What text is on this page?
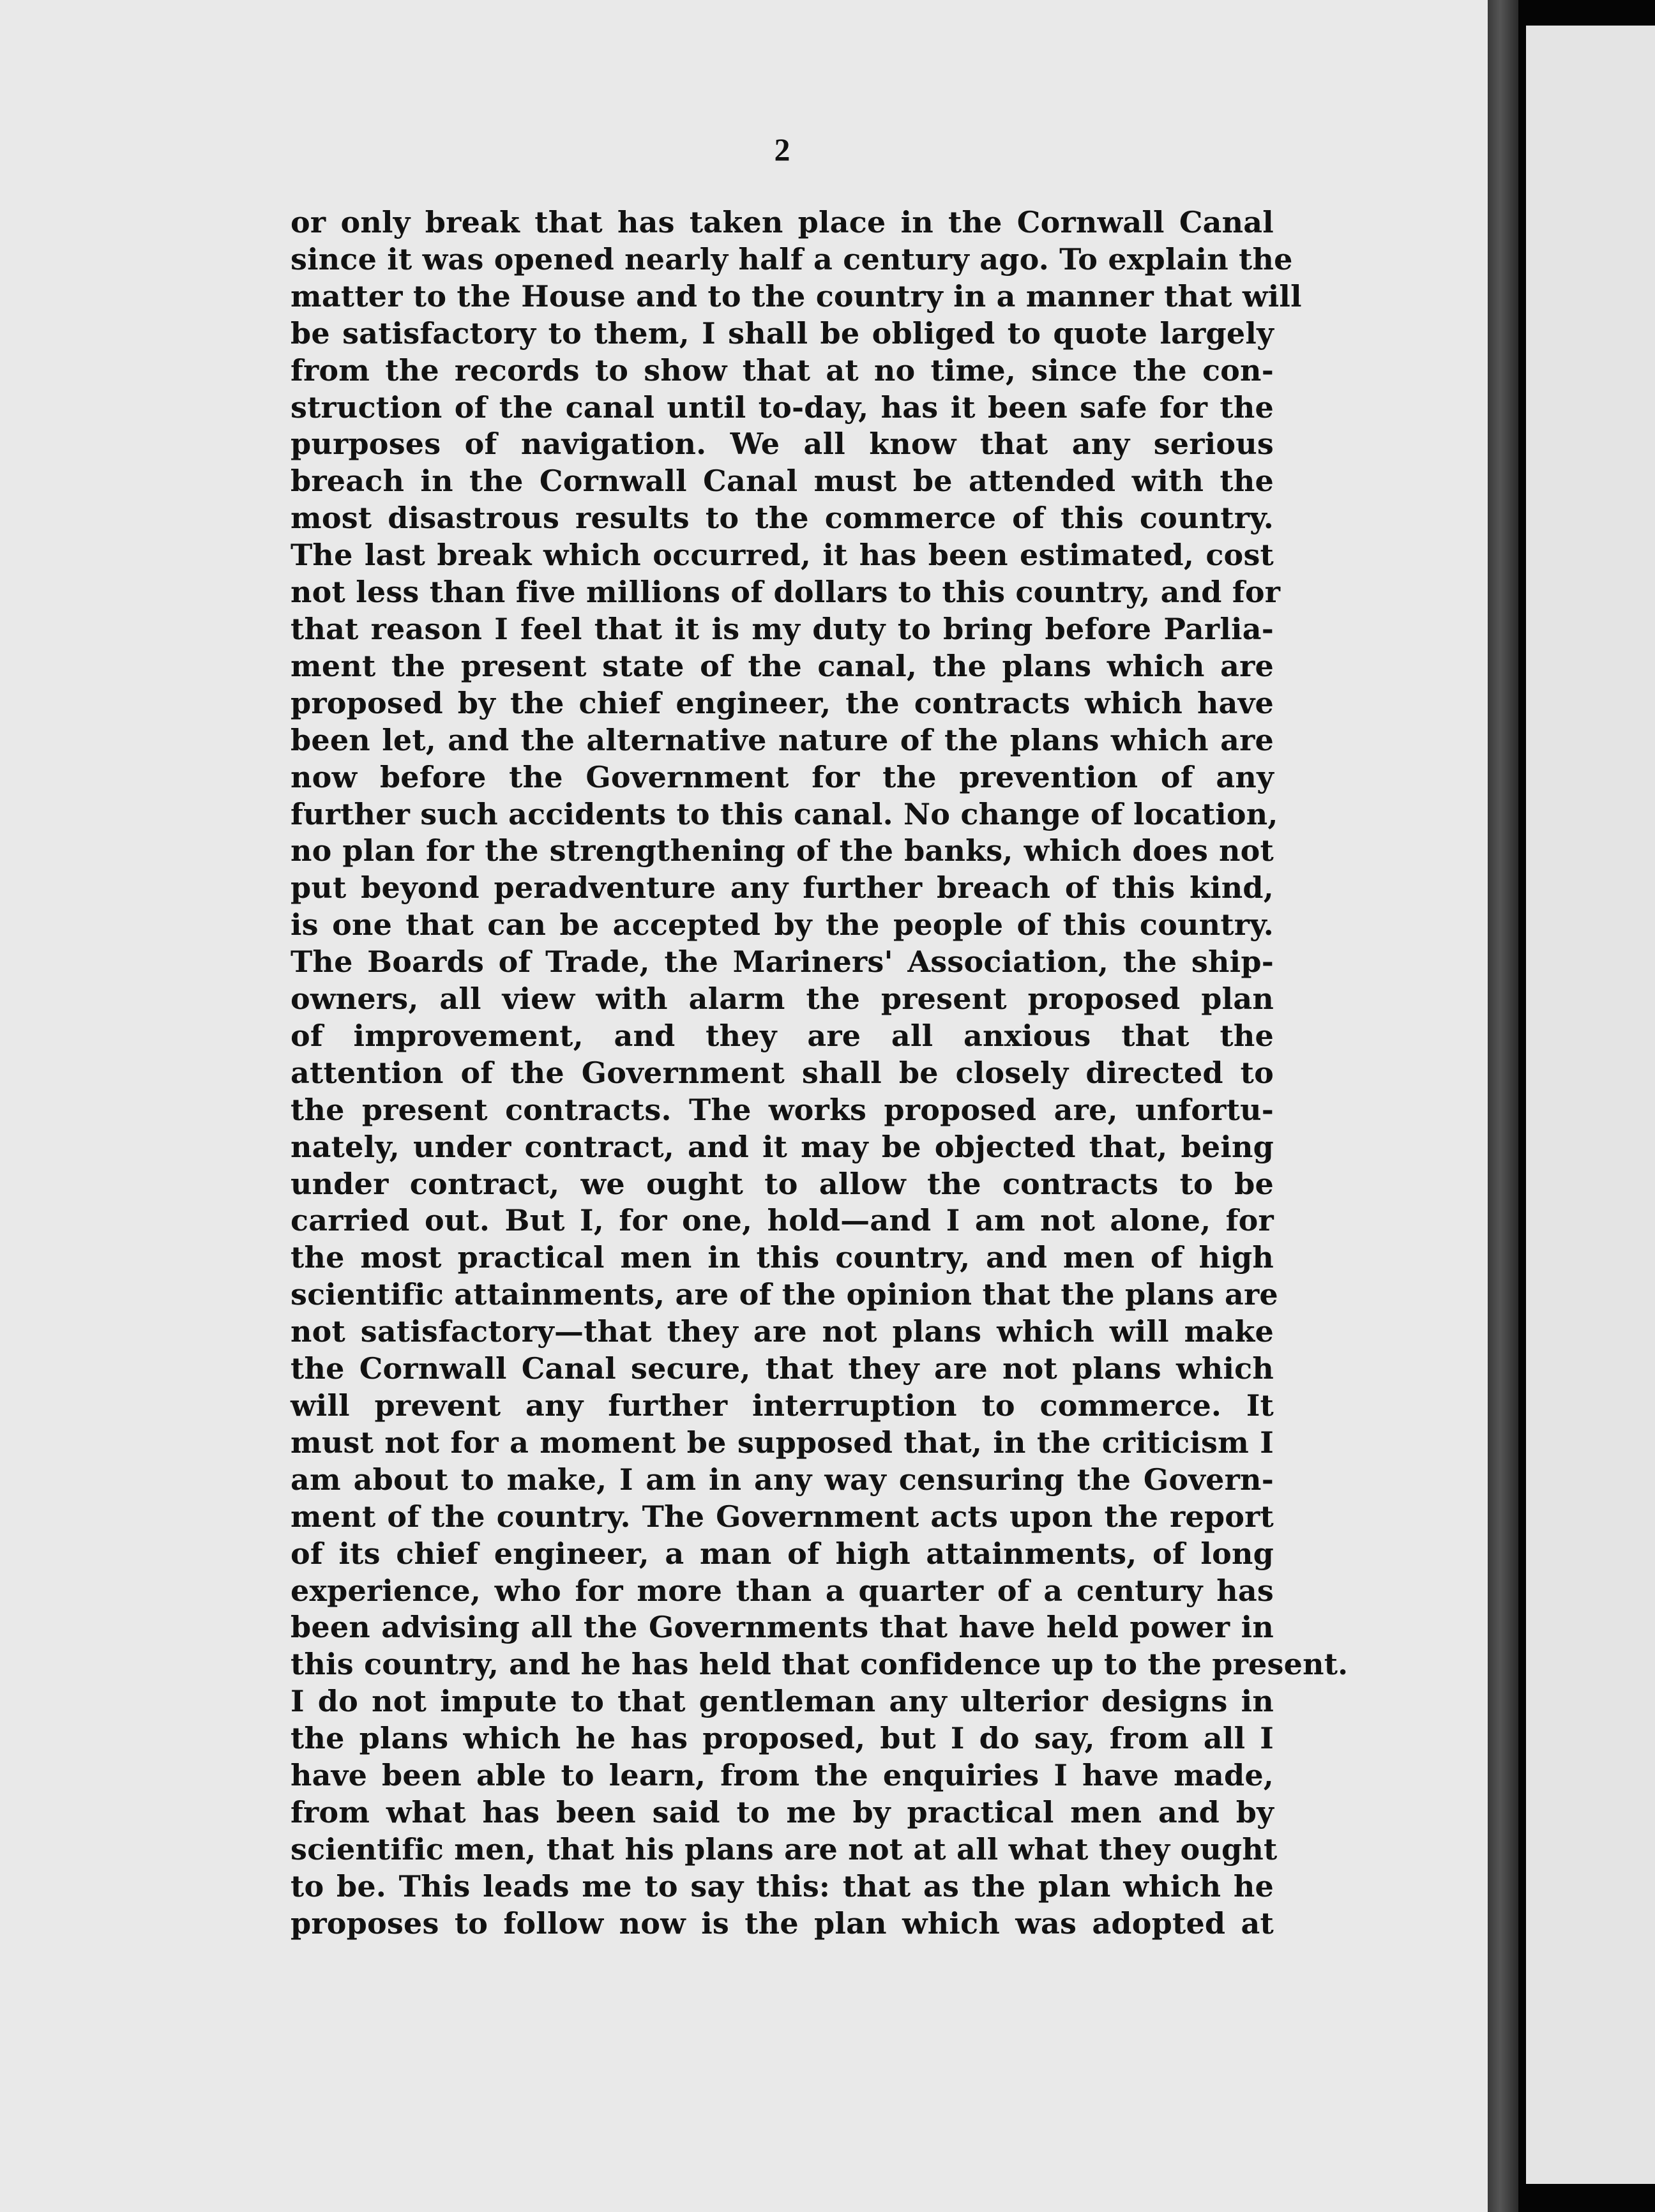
2
or only break that has taken place in the Cornwall Canal
since it was opened nearly half a century ago. To explain the
matter to the House and to the country in a manner that will
be satisfactory to them, I shall be obliged to quote largely
from the records to show that at no time, since the con-
struction of the canal until to-day, has it been safe for the
purposes of navigation. We all know that any serious
breach in the Cornwall Canal must be attended with the
most disastrous results to the commerce of this country.
The last break which occurred, it has been estimated, cost
not less than five millions of dollars to this country, and for
that reason I feel that it is my duty to bring before Parlia-
ment the present state of the canal, the plans which are
proposed by the chief engineer, the contracts which have
been let, and the alternative nature of the plans which are
now before the Government for the prevention of any
further such accidents to this canal. No change of location,
no plan for the strengthening of the banks, which does not
put beyond peradventure any further breach of this kind,
is one that can be accepted by the people of this country.
The Boards of Trade, the Mariners' Association, the ship-
owners, all view with alarm the present proposed plan
of improvement, and they are all anxious that the
attention of the Government shall be closely directed to
the present contracts. The works proposed are, unfortu-
nately, under contract, and it may be objected that, being
under contract, we ought to allow the contracts to be
carried out. But I, for one, hold—and I am not alone, for
the most practical men in this country, and men of high
scientific attainments, are of the opinion that the plans are
not satisfactory—that they are not plans which will make
the Cornwall Canal secure, that they are not plans which
will prevent any further interruption to commerce. It
must not for a moment be supposed that, in the criticism I
am about to make, I am in any way censuring the Govern-
ment of the country. The Government acts upon the report
of its chief engineer, a man of high attainments, of long
experience, who for more than a quarter of a century has
been advising all the Governments that have held power in
this country, and he has held that confidence up to the present.
I do not impute to that gentleman any ulterior designs in
the plans which he has proposed, but I do say, from all I
have been able to learn, from the enquiries I have made,
from what has been said to me by practical men and by
scientific men, that his plans are not at all what they ought
to be. This leads me to say this: that as the plan which he
proposes to follow now is the plan which was adopted at
